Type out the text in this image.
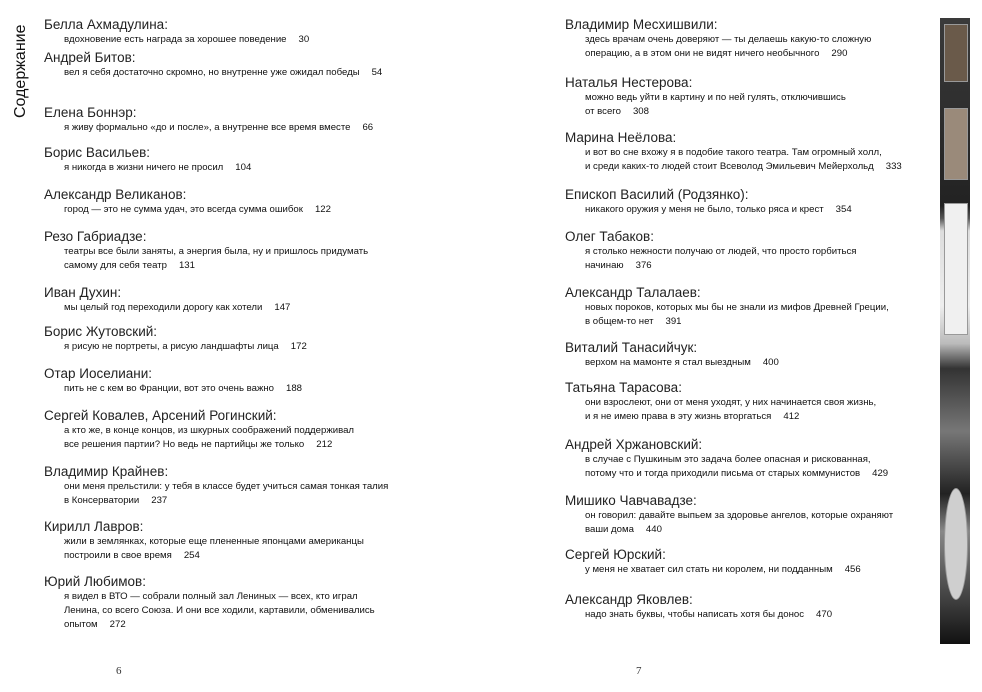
Содержание Белла Ахмадулина:
вдохновение есть награда за хорошее поведение 30
Андрей Битов:
вел я себя достаточно скромно, но внутренне уже ожидал победы 54
Елена Боннэр:
я живу формально «до и после», а внутренне все время вместе 66
Борис Васильев:
я никогда в жизни ничего не просил 104
Александр Великанов:
город — это не сумма удач, это всегда сумма ошибок 122
Резо Габриадзе:
театры все были заняты, а энергия была, ну и пришлось придумать
самому для себя театр 131
Иван Духин:
мы целый год переходили дорогу как хотели 147
Борис Жутовский:
я рисую не портреты, а рисую ландшафты лица 172
Отар Иоселиани:
пить не с кем во Франции, вот это очень важно 188
Сергей Ковалев, Арсений Рогинский:
а кто же, в конце концов, из шкурных соображений поддерживал
все решения партии? Но ведь не партийцы же только 212
Владимир Крайнев:
они меня прельстили: у тебя в классе будет учиться самая тонкая талия
в Консерватории 237
Кирилл Лавров:
жили в землянках, которые еще плененные японцами американцы
построили в свое время 254
Юрий Любимов:
я видел в ВТО — собрали полный зал Лениных — всех, кто играл
Ленина, со всего Союза. И они все ходили, картавили, обменивались
опытом 272
Владимир Месхишвили:
здесь врачам очень доверяют — ты делаешь какую-то сложную
операцию, а в этом они не видят ничего необычного 290
Наталья Нестерова:
можно ведь уйти в картину и по ней гулять, отключившись
от всего 308
Марина Неёлова:
и вот во сне вхожу я в подобие такого театра. Там огромный холл,
и среди каких-то людей стоит Всеволод Эмильевич Мейерхольд 333
Епископ Василий (Родзянко):
никакого оружия у меня не было, только ряса и крест 354
Олег Табаков:
я столько нежности получаю от людей, что просто горбиться
начинаю 376
Александр Талалаев:
новых пороков, которых мы бы не знали из мифов Древней Греции,
в общем-то нет 391
Виталий Танасийчук:
верхом на мамонте я стал выездным 400
Татьяна Тарасова:
они взрослеют, они от меня уходят, у них начинается своя жизнь,
и я не имею права в эту жизнь вторгаться 412
Андрей Хржановский:
в случае с Пушкиным это задача более опасная и рискованная,
потому что и тогда приходили письма от старых коммунистов 429
Мишико Чавчавадзе:
он говорил: давайте выпьем за здоровье ангелов, которые охраняют
ваши дома 440
Сергей Юрский:
у меня не хватает сил стать ни королем, ни подданным 456
Александр Яковлев:
надо знать буквы, чтобы написать хотя бы донос 470
6	7
